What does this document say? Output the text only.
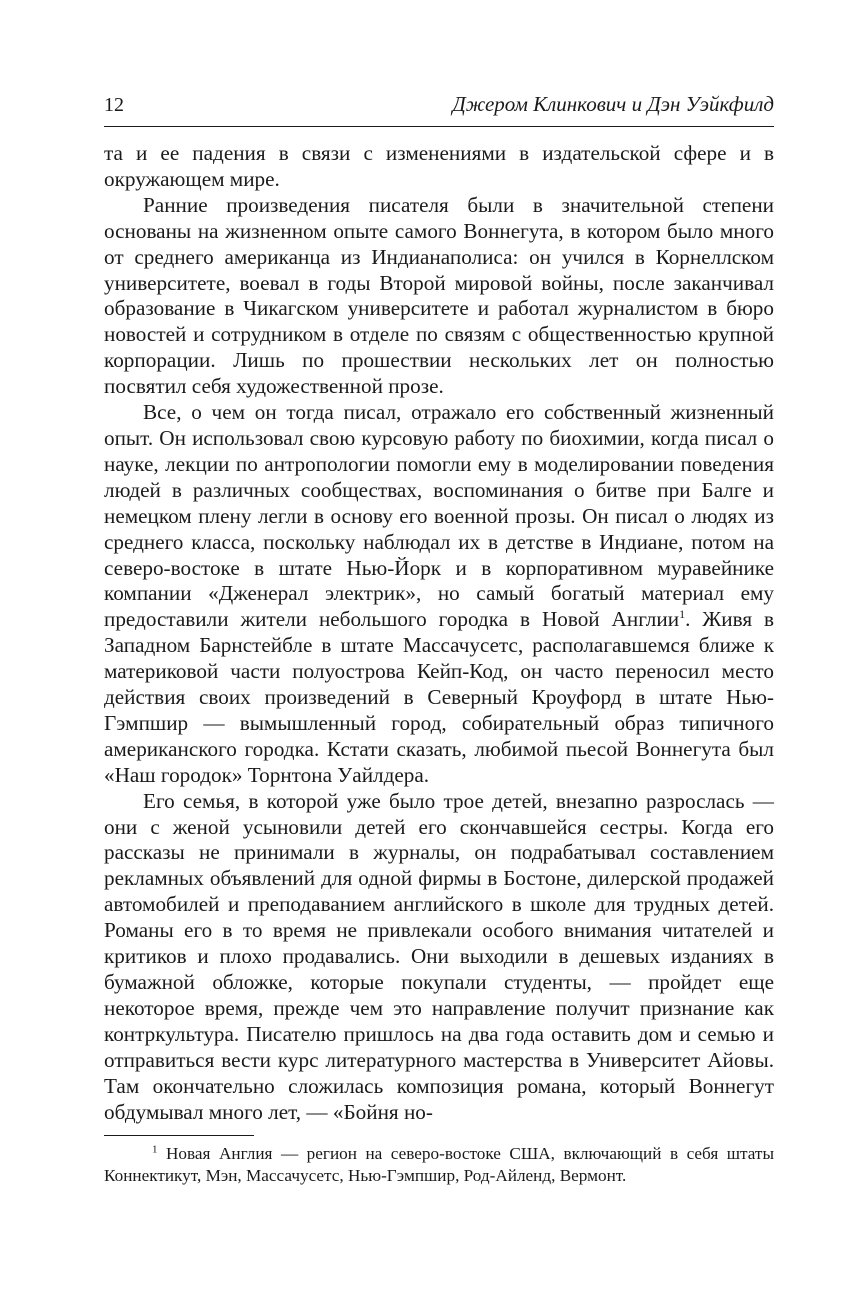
12	Джером Клинкович и Дэн Уэйкфилд

та и ее падения в связи с изменениями в издательской сфере и в окружающем мире.

Ранние произведения писателя были в значительной степени основаны на жизненном опыте самого Воннегута, в котором было много от среднего американца из Индианаполиса: он учился в Корнеллском университете, воевал в годы Второй мировой войны, после заканчивал образование в Чикагском университете и работал журналистом в бюро новостей и сотрудником в отделе по связям с общественностью крупной корпорации. Лишь по прошествии нескольких лет он полностью посвятил себя художественной прозе.

Все, о чем он тогда писал, отражало его собственный жизненный опыт. Он использовал свою курсовую работу по биохимии, когда писал о науке, лекции по антропологии помогли ему в моделировании поведения людей в различных сообществах, воспоминания о битве при Балге и немецком плену легли в основу его военной прозы. Он писал о людях из среднего класса, поскольку наблюдал их в детстве в Индиане, потом на северо-востоке в штате Нью-Йорк и в корпоративном муравейнике компании «Дженерал электрик», но самый богатый материал ему предоставили жители небольшого городка в Новой Англии$^1$. Живя в Западном Барнстейбле в штате Массачусетс, располагавшемся ближе к материковой части полуострова Кейп-Код, он часто переносил место действия своих произведений в Северный Кроуфорд в штате Нью-Гэмпшир — вымышленный город, собирательный образ типичного американского городка. Кстати сказать, любимой пьесой Воннегута был «Наш городок» Торнтона Уайлдера.

Его семья, в которой уже было трое детей, внезапно разрослась — они с женой усыновили детей его скончавшейся сестры. Когда его рассказы не принимали в журналы, он подрабатывал составлением рекламных объявлений для одной фирмы в Бостоне, дилерской продажей автомобилей и преподаванием английского в школе для трудных детей. Романы его в то время не привлекали особого внимания читателей и критиков и плохо продавались. Они выходили в дешевых изданиях в бумажной обложке, которые покупали студенты, — пройдет еще некоторое время, прежде чем это направление получит признание как контркультура. Писателю пришлось на два года оставить дом и семью и отправиться вести курс литературного мастерства в Университет Айовы. Там окончательно сложилась композиция романа, который Воннегут обдумывал много лет, — «Бойня но-

$^1$ Новая Англия — регион на северо-востоке США, включающий в себя штаты Коннектикут, Мэн, Массачусетс, Нью-Гэмпшир, Род-Айленд, Вермонт.
